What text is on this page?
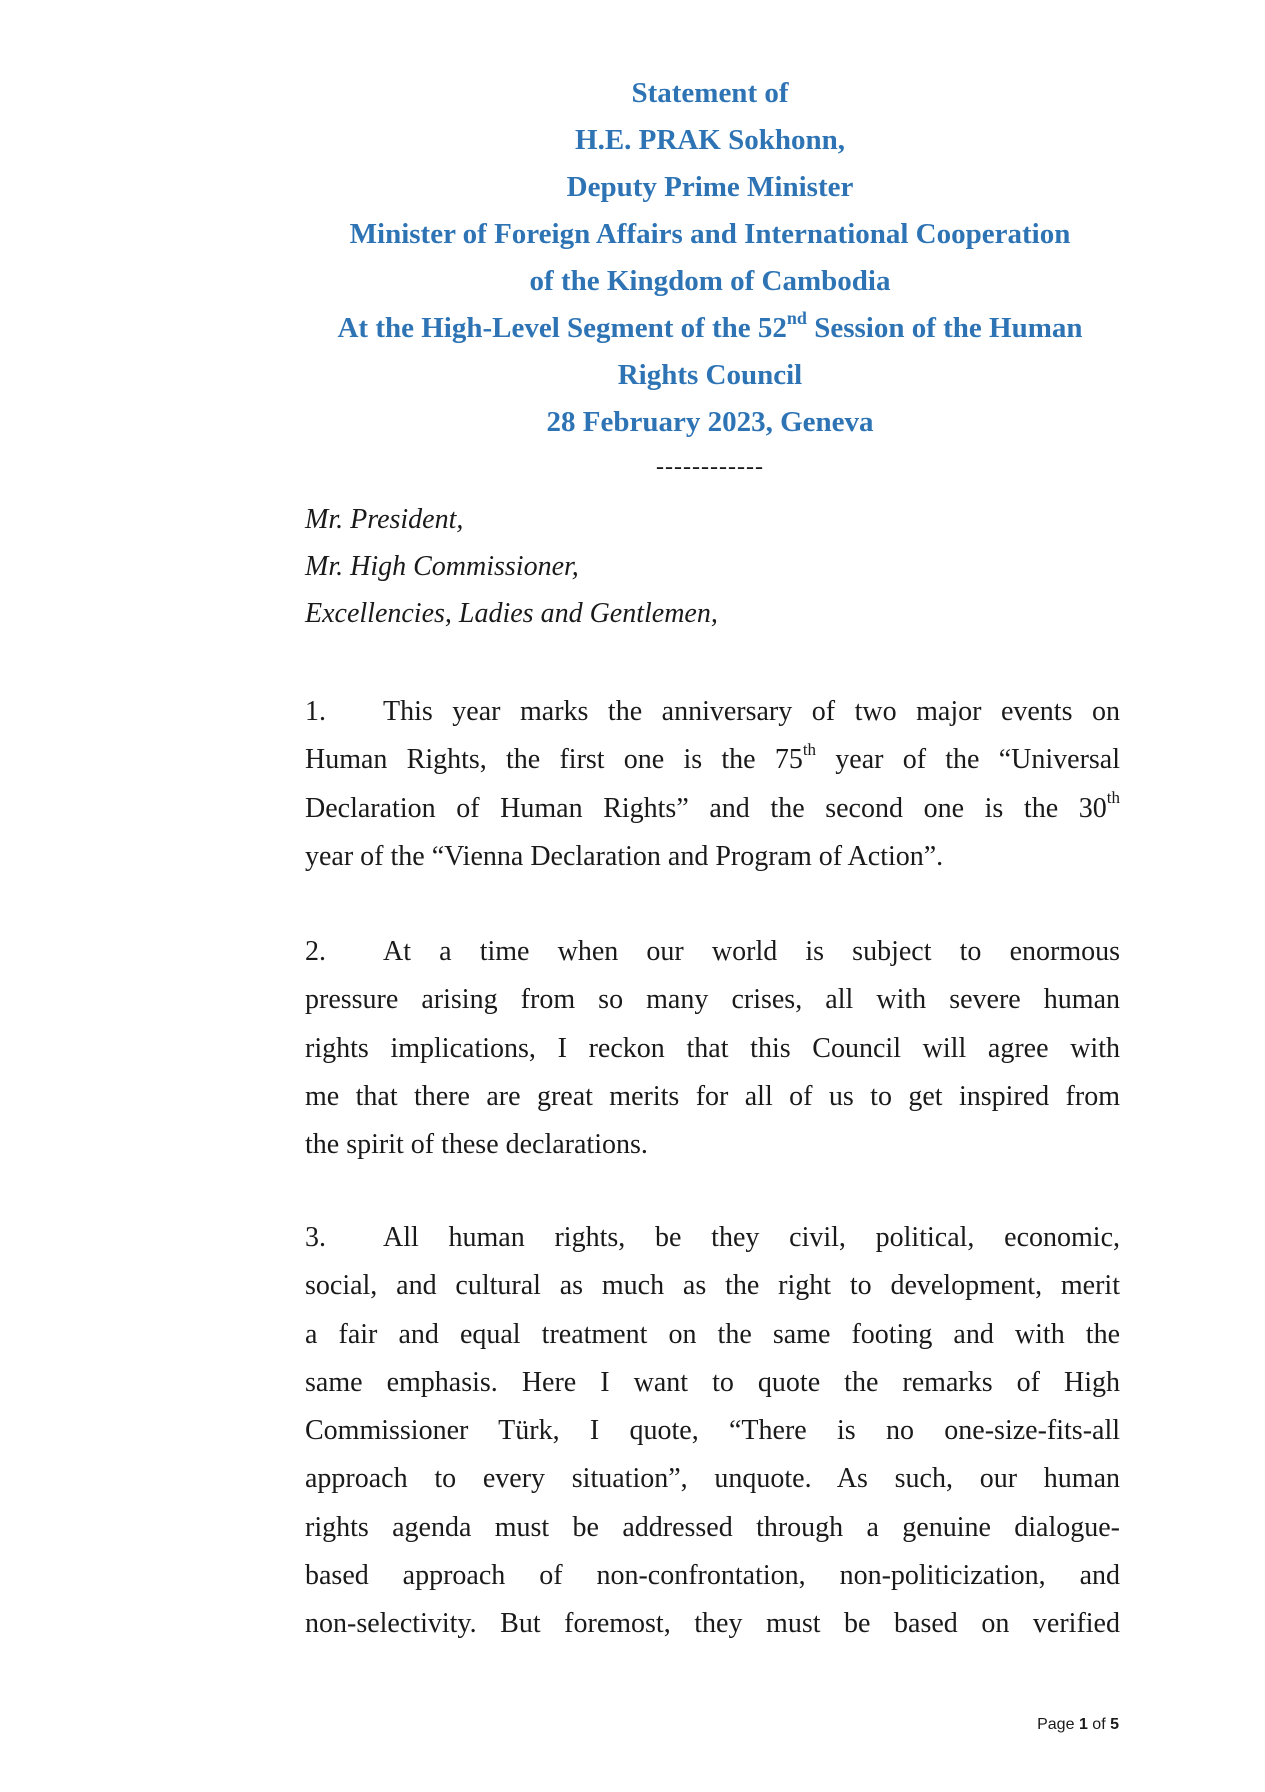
Statement of
H.E. PRAK Sokhonn,
Deputy Prime Minister
Minister of Foreign Affairs and International Cooperation
of the Kingdom of Cambodia
At the High-Level Segment of the 52nd Session of the Human
Rights Council
28 February 2023, Geneva
------------
Mr. President,
Mr. High Commissioner,
Excellencies, Ladies and Gentlemen,
1. This year marks the anniversary of two major events on
Human Rights, the first one is the 75th year of the “Universal
Declaration of Human Rights” and the second one is the 30th
year of the “Vienna Declaration and Program of Action”.
2. At a time when our world is subject to enormous
pressure arising from so many crises, all with severe human
rights implications, I reckon that this Council will agree with
me that there are great merits for all of us to get inspired from
the spirit of these declarations.
3. All human rights, be they civil, political, economic,
social, and cultural as much as the right to development, merit
a fair and equal treatment on the same footing and with the
same emphasis. Here I want to quote the remarks of High
Commissioner Türk, I quote, “There is no one-size-fits-all
approach to every situation”, unquote. As such, our human
rights agenda must be addressed through a genuine dialogue-
based approach of non-confrontation, non-politicization, and
non-selectivity. But foremost, they must be based on verified
Page 1 of 5
